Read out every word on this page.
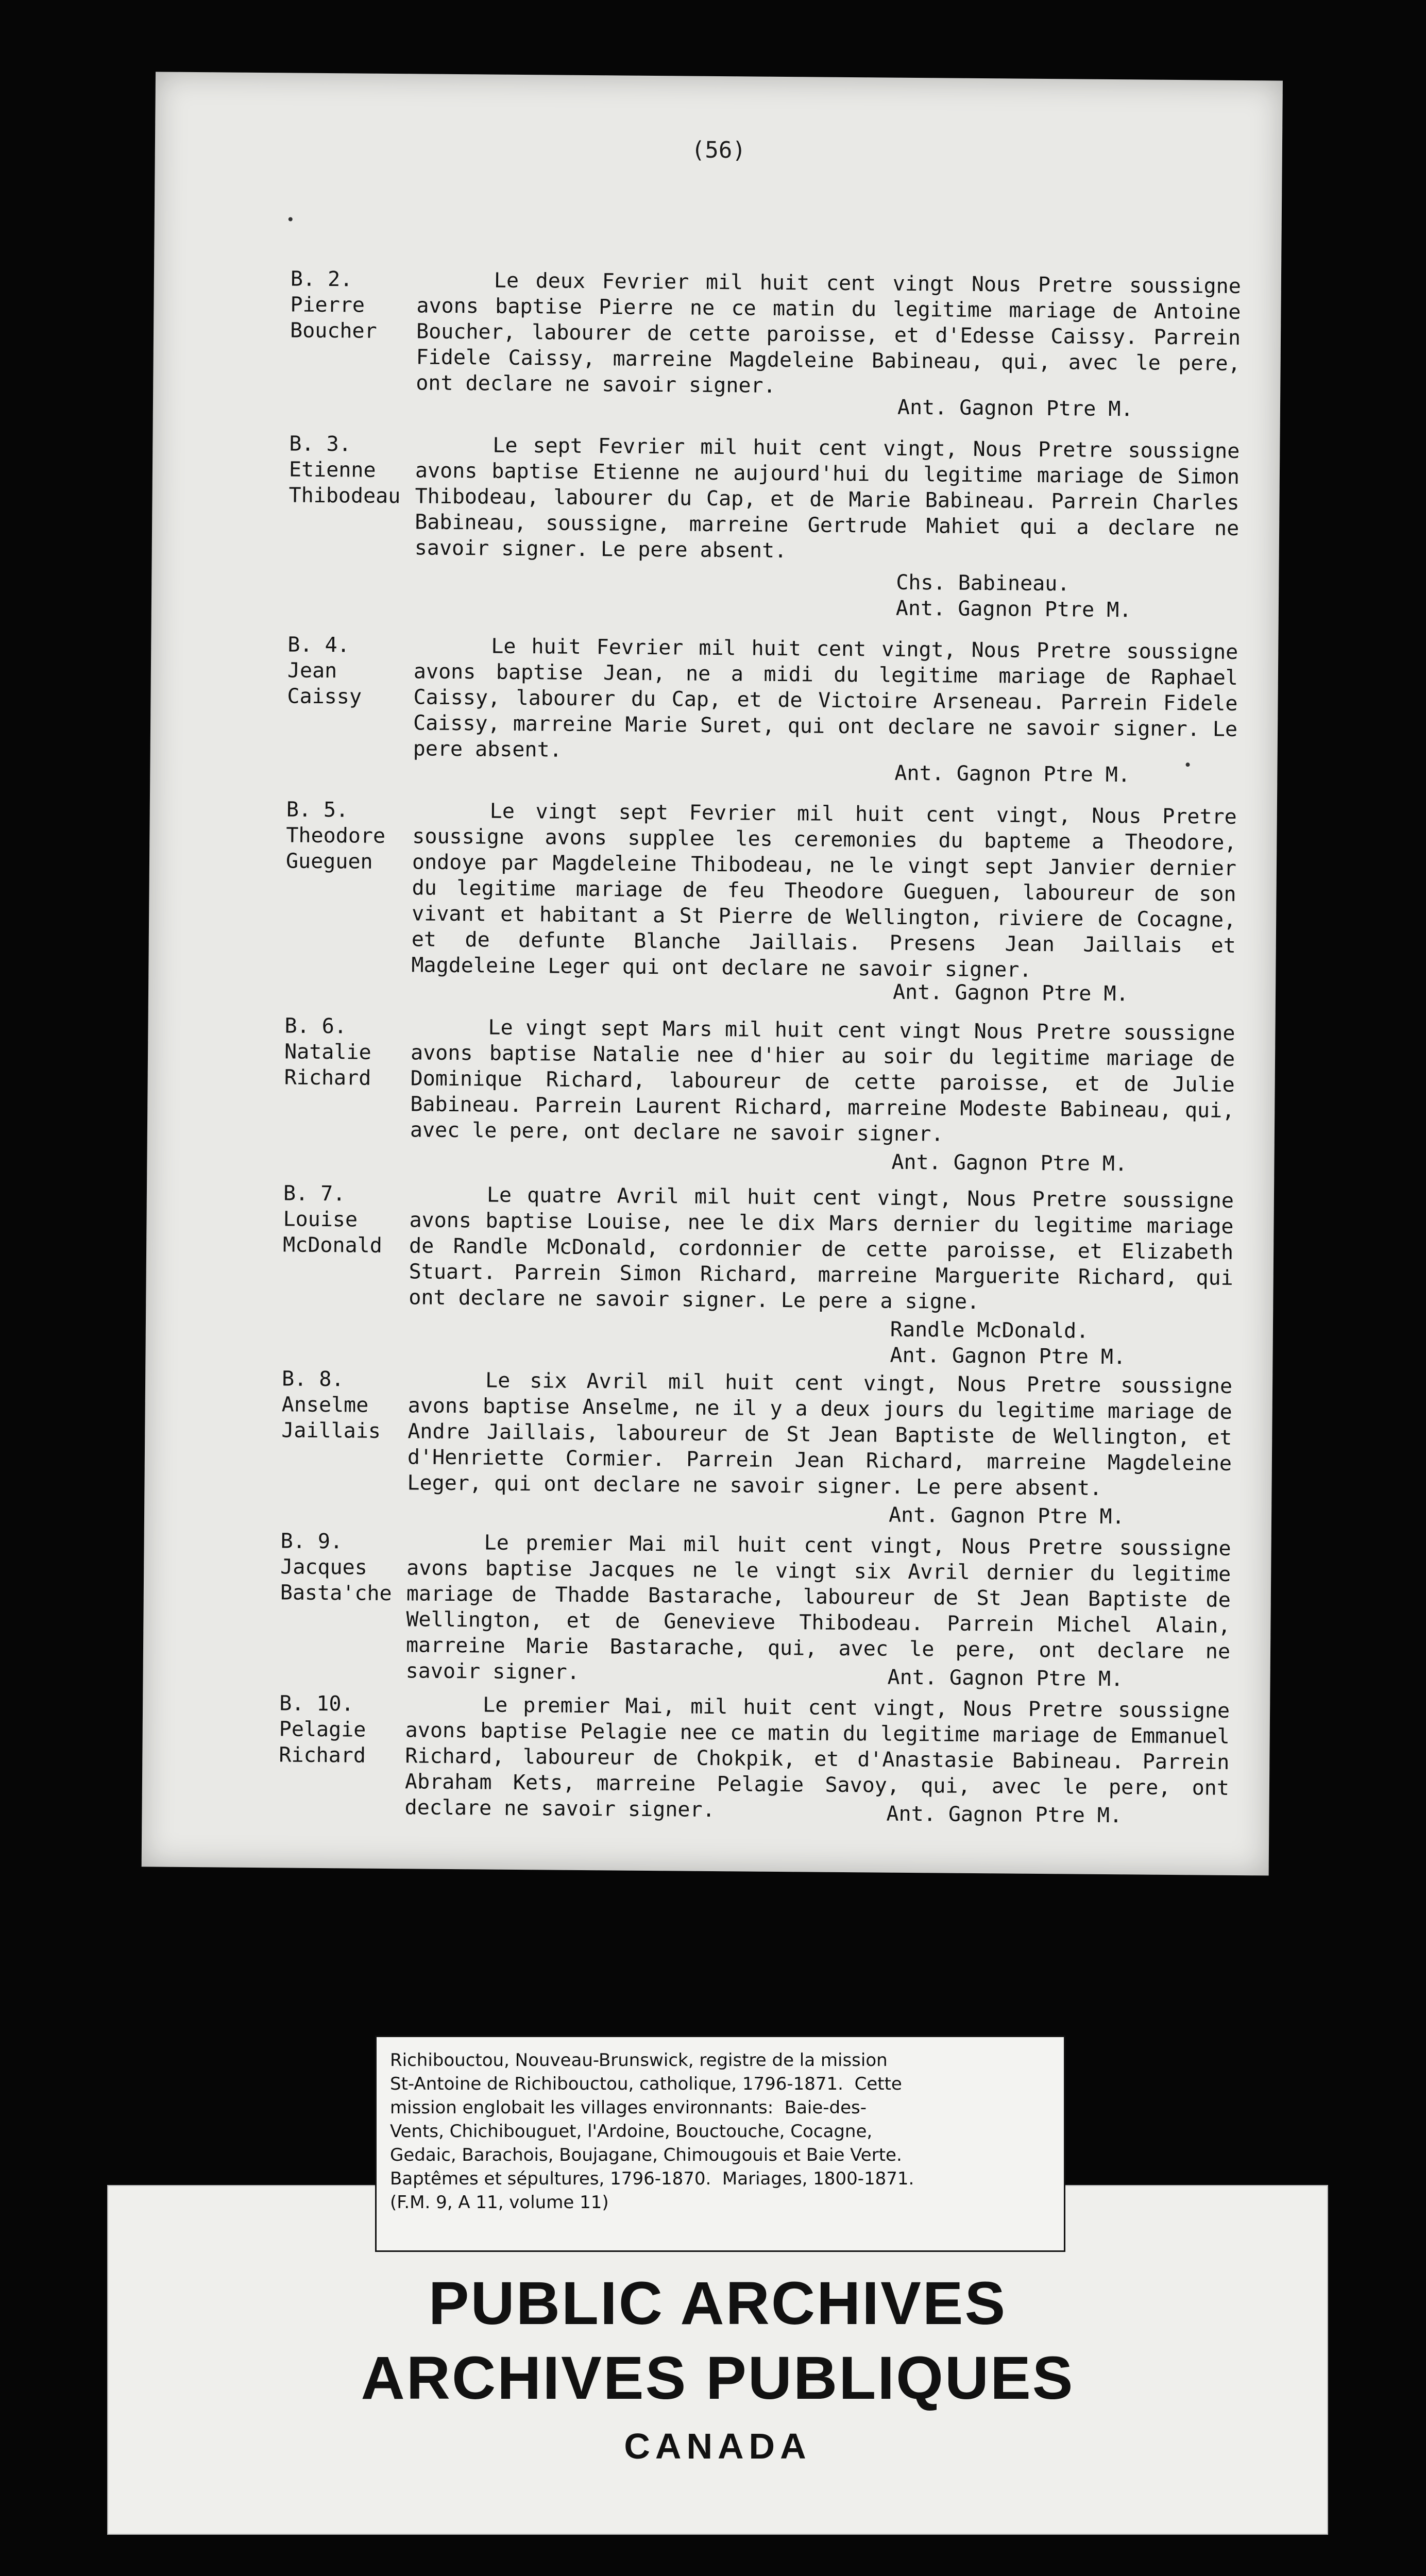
(56)
B. 2.
Pierre
Boucher
Le deux Fevrier mil huit cent vingt Nous Pretre soussigne avons baptise Pierre ne ce matin du legitime mariage de Antoine Boucher, labourer de cette paroisse, et d'Edesse Caissy. Parrein Fidele Caissy, marreine Magdeleine Babineau, qui, avec le pere, ont declare ne savoir signer.
Ant. Gagnon Ptre M.
B. 3.
Etienne
Thibodeau
Le sept Fevrier mil huit cent vingt, Nous Pretre soussigne avons baptise Etienne ne aujourd'hui du legitime mariage de Simon Thibodeau, labourer du Cap, et de Marie Babineau. Parrein Charles Babineau, soussigne, marreine Gertrude Mahiet qui a declare ne savoir signer. Le pere absent.
Chs. Babineau.
Ant. Gagnon Ptre M.
B. 4.
Jean
Caissy
Le huit Fevrier mil huit cent vingt, Nous Pretre soussigne avons baptise Jean, ne a midi du legitime mariage de Raphael Caissy, labourer du Cap, et de Victoire Arseneau. Parrein Fidele Caissy, marreine Marie Suret, qui ont declare ne savoir signer. Le pere absent.
Ant. Gagnon Ptre M.
B. 5.
Theodore
Gueguen
Le vingt sept Fevrier mil huit cent vingt, Nous Pretre soussigne avons supplee les ceremonies du bapteme a Theodore, ondoye par Magdeleine Thibodeau, ne le vingt sept Janvier dernier du legitime mariage de feu Theodore Gueguen, laboureur de son vivant et habitant a St Pierre de Wellington, riviere de Cocagne, et de defunte Blanche Jaillais. Presens Jean Jaillais et Magdeleine Leger qui ont declare ne savoir signer.
Ant. Gagnon Ptre M.
B. 6.
Natalie
Richard
Le vingt sept Mars mil huit cent vingt Nous Pretre soussigne avons baptise Natalie nee d'hier au soir du legitime mariage de Dominique Richard, laboureur de cette paroisse, et de Julie Babineau. Parrein Laurent Richard, marreine Modeste Babineau, qui, avec le pere, ont declare ne savoir signer.
Ant. Gagnon Ptre M.
B. 7.
Louise
McDonald
Le quatre Avril mil huit cent vingt, Nous Pretre soussigne avons baptise Louise, nee le dix Mars dernier du legitime mariage de Randle McDonald, cordonnier de cette paroisse, et Elizabeth Stuart. Parrein Simon Richard, marreine Marguerite Richard, qui ont declare ne savoir signer. Le pere a signe.
Randle McDonald.
Ant. Gagnon Ptre M.
B. 8.
Anselme
Jaillais
Le six Avril mil huit cent vingt, Nous Pretre soussigne avons baptise Anselme, ne il y a deux jours du legitime mariage de Andre Jaillais, laboureur de St Jean Baptiste de Wellington, et d'Henriette Cormier. Parrein Jean Richard, marreine Magdeleine Leger, qui ont declare ne savoir signer. Le pere absent.
Ant. Gagnon Ptre M.
B. 9.
Jacques
Basta'che
Le premier Mai mil huit cent vingt, Nous Pretre soussigne avons baptise Jacques ne le vingt six Avril dernier du legitime mariage de Thadde Bastarache, laboureur de St Jean Baptiste de Wellington, et de Genevieve Thibodeau. Parrein Michel Alain, marreine Marie Bastarache, qui, avec le pere, ont declare ne savoir signer.	Ant. Gagnon Ptre M.
B. 10.
Pelagie
Richard
Le premier Mai, mil huit cent vingt, Nous Pretre soussigne avons baptise Pelagie nee ce matin du legitime mariage de Emmanuel Richard, laboureur de Chokpik, et d'Anastasie Babineau. Parrein Abraham Kets, marreine Pelagie Savoy, qui, avec le pere, ont declare ne savoir signer.	Ant. Gagnon Ptre M.
PUBLIC ARCHIVES
ARCHIVES PUBLIQUES
CANADA
Richibouctou, Nouveau-Brunswick, registre de la mission
St-Antoine de Richibouctou, catholique, 1796-1871.  Cette
mission englobait les villages environnants:  Baie-des-
Vents, Chichibouguet, l'Ardoine, Bouctouche, Cocagne,
Gedaic, Barachois, Boujagane, Chimougouis et Baie Verte.
Baptêmes et sépultures, 1796-1870.  Mariages, 1800-1871.
(F.M. 9, A 11, volume 11)
